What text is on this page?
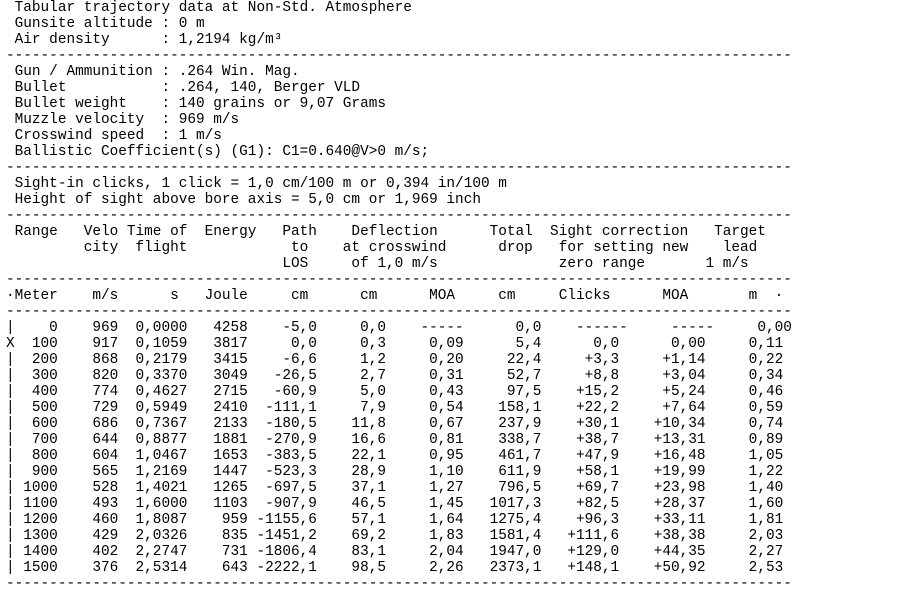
Tabular trajectory data at Non-Std. Atmosphere
Gunsite altitude : 0 m
Air density      : 1,2194 kg/m³
-------------------------------------------------------------------------------------------
Gun / Ammunition : .264 Win. Mag.
Bullet           : .264, 140, Berger VLD
Bullet weight    : 140 grains or 9,07 Grams
Muzzle velocity  : 969 m/s
Crosswind speed  : 1 m/s
Ballistic Coefficient(s) (G1): C1=0.640@V>0 m/s;
-------------------------------------------------------------------------------------------
Sight-in clicks, 1 click = 1,0 cm/100 m or 0,394 in/100 m
Height of sight above bore axis = 5,0 cm or 1,969 inch
-------------------------------------------------------------------------------------------
Range   Velo Time of  Energy   Path    Deflection      Total  Sight correction   Target
city  flight            to    at crosswind      drop   for setting new    lead
LOS     of 1,0 m/s              zero range       1 m/s
-------------------------------------------------------------------------------------------
·Meter    m/s      s   Joule     cm      cm      MOA     cm     Clicks      MOA       m  ·
-------------------------------------------------------------------------------------------
|    0    969  0,0000   4258    -5,0     0,0    -----      0,0    ------     -----     0,00
X  100    917  0,1059   3817     0,0     0,3     0,09      5,4      0,0      0,00     0,11
|  200    868  0,2179   3415    -6,6     1,2     0,20     22,4     +3,3     +1,14     0,22
|  300    820  0,3370   3049   -26,5     2,7     0,31     52,7     +8,8     +3,04     0,34
|  400    774  0,4627   2715   -60,9     5,0     0,43     97,5    +15,2     +5,24     0,46
|  500    729  0,5949   2410  -111,1     7,9     0,54    158,1    +22,2     +7,64     0,59
|  600    686  0,7367   2133  -180,5    11,8     0,67    237,9    +30,1    +10,34     0,74
|  700    644  0,8877   1881  -270,9    16,6     0,81    338,7    +38,7    +13,31     0,89
|  800    604  1,0467   1653  -383,5    22,1     0,95    461,7    +47,9    +16,48     1,05
|  900    565  1,2169   1447  -523,3    28,9     1,10    611,9    +58,1    +19,99     1,22
| 1000    528  1,4021   1265  -697,5    37,1     1,27    796,5    +69,7    +23,98     1,40
| 1100    493  1,6000   1103  -907,9    46,5     1,45   1017,3    +82,5    +28,37     1,60
| 1200    460  1,8087    959 -1155,6    57,1     1,64   1275,4    +96,3    +33,11     1,81
| 1300    429  2,0326    835 -1451,2    69,2     1,83   1581,4   +111,6    +38,38     2,03
| 1400    402  2,2747    731 -1806,4    83,1     2,04   1947,0   +129,0    +44,35     2,27
| 1500    376  2,5314    643 -2222,1    98,5     2,26   2373,1   +148,1    +50,92     2,53
-------------------------------------------------------------------------------------------
